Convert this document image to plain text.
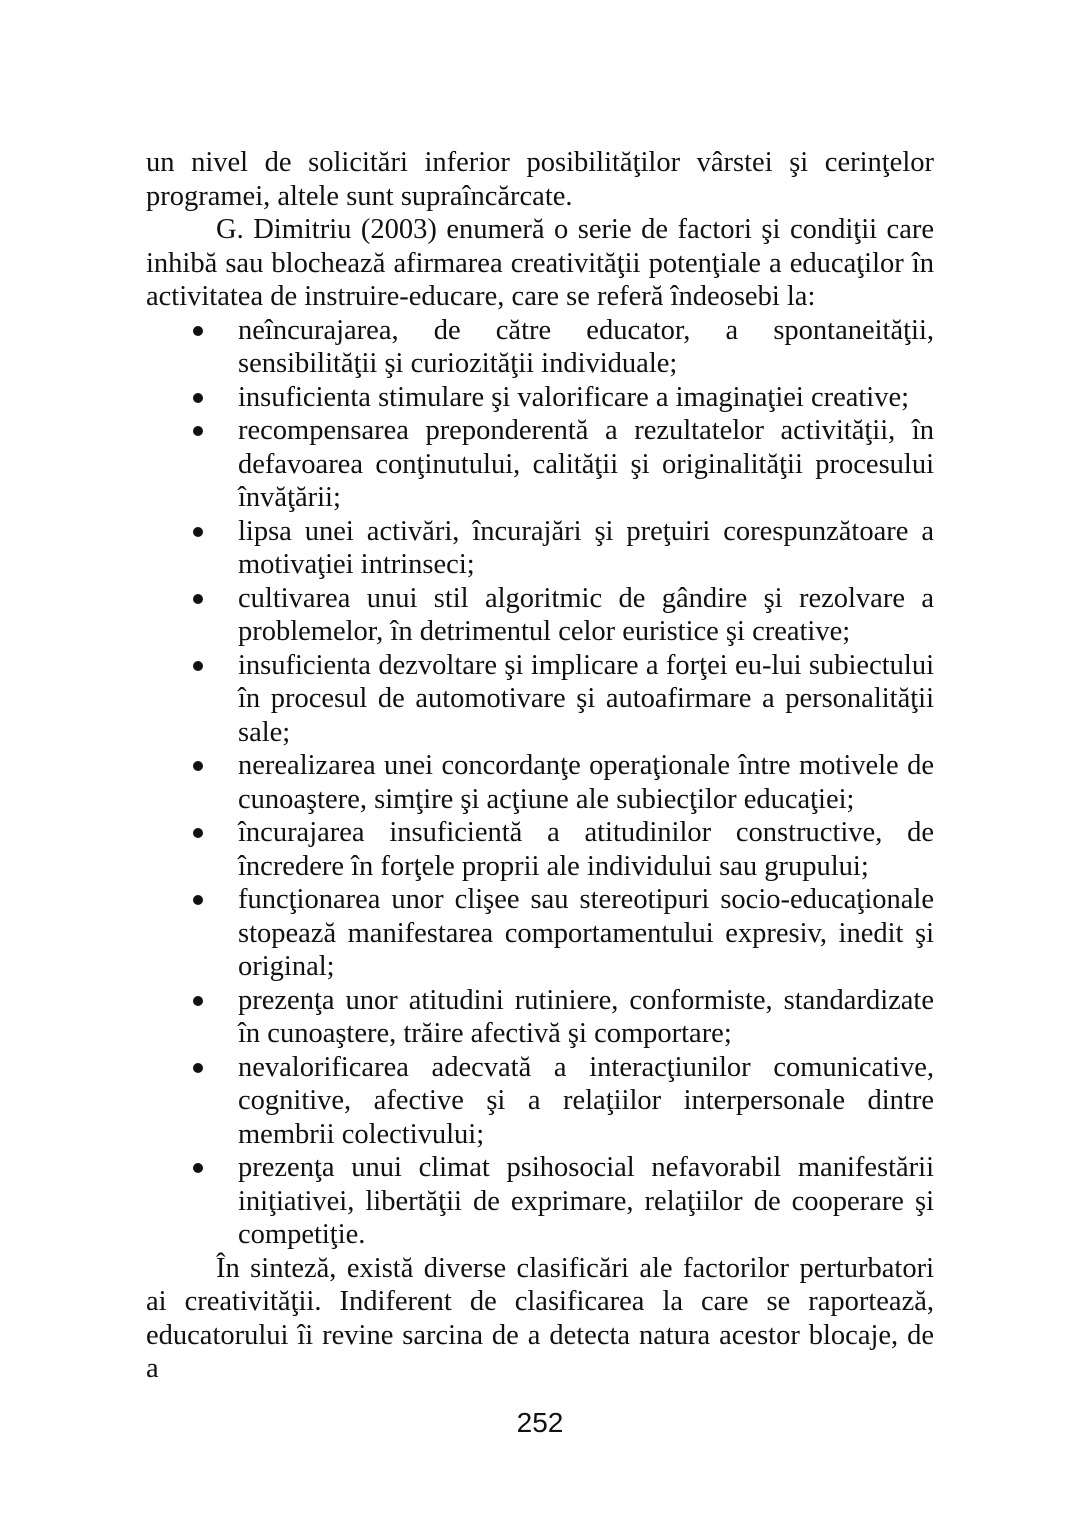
un nivel de solicitări inferior posibilităţilor vârstei şi cerinţelor programei, altele sunt supraîncărcate.

G. Dimitriu (2003) enumeră o serie de factori şi condiţii care inhibă sau blochează afirmarea creativităţii potenţiale a educaţilor în activitatea de instruire-educare, care se referă îndeosebi la:

neîncurajarea, de către educator, a spontaneităţii, sensibilităţii şi curiozităţii individuale;
insuficienta stimulare şi valorificare a imaginaţiei creative;
recompensarea preponderentă a rezultatelor activităţii, în defavoarea conţinutului, calităţii şi originalităţii procesului învăţării;
lipsa unei activări, încurajări şi preţuiri corespunzătoare a motivaţiei intrinseci;
cultivarea unui stil algoritmic de gândire şi rezolvare a problemelor, în detrimentul celor euristice şi creative;
insuficienta dezvoltare şi implicare a forţei eu-lui subiectului în procesul de automotivare şi autoafirmare a personalităţii sale;
nerealizarea unei concordanţe operaţionale între motivele de cunoaştere, simţire şi acţiune ale subiecţilor educaţiei;
încurajarea insuficientă a atitudinilor constructive, de încredere în forţele proprii ale individului sau grupului;
funcţionarea unor clişee sau stereotipuri socio-educaţionale stopează manifestarea comportamentului expresiv, inedit şi original;
prezenţa unor atitudini rutiniere, conformiste, standardizate în cunoaştere, trăire afectivă şi comportare;
nevalorificarea adecvată a interacţiunilor comunicative, cognitive, afective şi a relaţiilor interpersonale dintre membrii colectivului;
prezenţa unui climat psihosocial nefavorabil manifestării iniţiativei, libertăţii de exprimare, relaţiilor de cooperare şi competiţie.

În sinteză, există diverse clasificări ale factorilor perturbatori ai creativităţii. Indiferent de clasificarea la care se raportează, educatorului îi revine sarcina de a detecta natura acestor blocaje, de a

252
